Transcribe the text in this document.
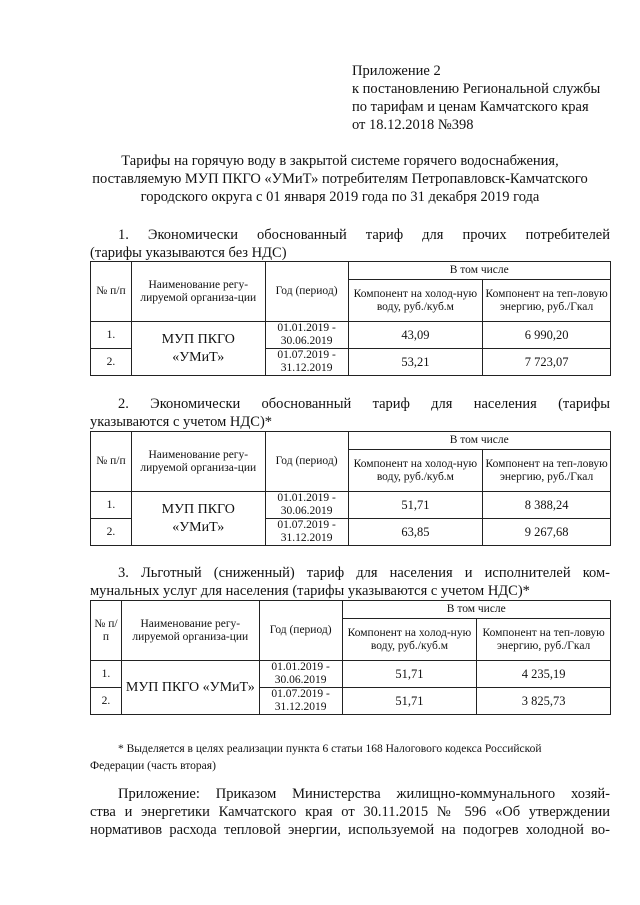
Приложение 2
к постановлению Региональной службы
по тарифам и ценам Камчатского края
от 18.12.2018 №398
Тарифы на горячую воду в закрытой системе горячего водоснабжения,
поставляемую МУП ПКГО «УМиТ» потребителям Петропавловск-Камчатского
городского округа с 01 января 2019 года по 31 декабря 2019 года
1. Экономически обоснованный тариф для прочих потребителей
(тарифы указываются без НДС)
№ п/п	Наименование регу-лируемой организа-ции	Год (период)	В том числе	
			Компонент на холод-ную воду, руб./куб.м	Компонент на теп-ловую энергию, руб./Гкал
1.	МУП ПКГО «УМиТ»	01.01.2019 - 30.06.2019	43,09	6 990,20
2.		01.07.2019 - 31.12.2019	53,21	7 723,07
2. Экономически обоснованный тариф для населения (тарифы
указываются с учетом НДС)*
№ п/п	Наименование регу-лируемой организа-ции	Год (период)	В том числе	
			Компонент на холод-ную воду, руб./куб.м	Компонент на теп-ловую энергию, руб./Гкал
1.	МУП ПКГО «УМиТ»	01.01.2019 - 30.06.2019	51,71	8 388,24
2.		01.07.2019 - 31.12.2019	63,85	9 267,68
3. Льготный (сниженный) тариф для населения и исполнителей ком-
мунальных услуг для населения (тарифы указываются с учетом НДС)*
№ п/п	Наименование регу-лируемой организа-ции	Год (период)	В том числе	
			Компонент на холод-ную воду, руб./куб.м	Компонент на теп-ловую энергию, руб./Гкал
1.	МУП ПКГО «УМиТ»	01.01.2019 - 30.06.2019	51,71	4 235,19
2.		01.07.2019 - 31.12.2019	51,71	3 825,73
* Выделяется в целях реализации пункта 6 статьи 168 Налогового кодекса Российской
Федерации (часть вторая)
Приложение: Приказом Министерства жилищно-коммунального хозяй-
ства и энергетики Камчатского края от 30.11.2015 № 596 «Об утверждении
нормативов расхода тепловой энергии, используемой на подогрев холодной во-
